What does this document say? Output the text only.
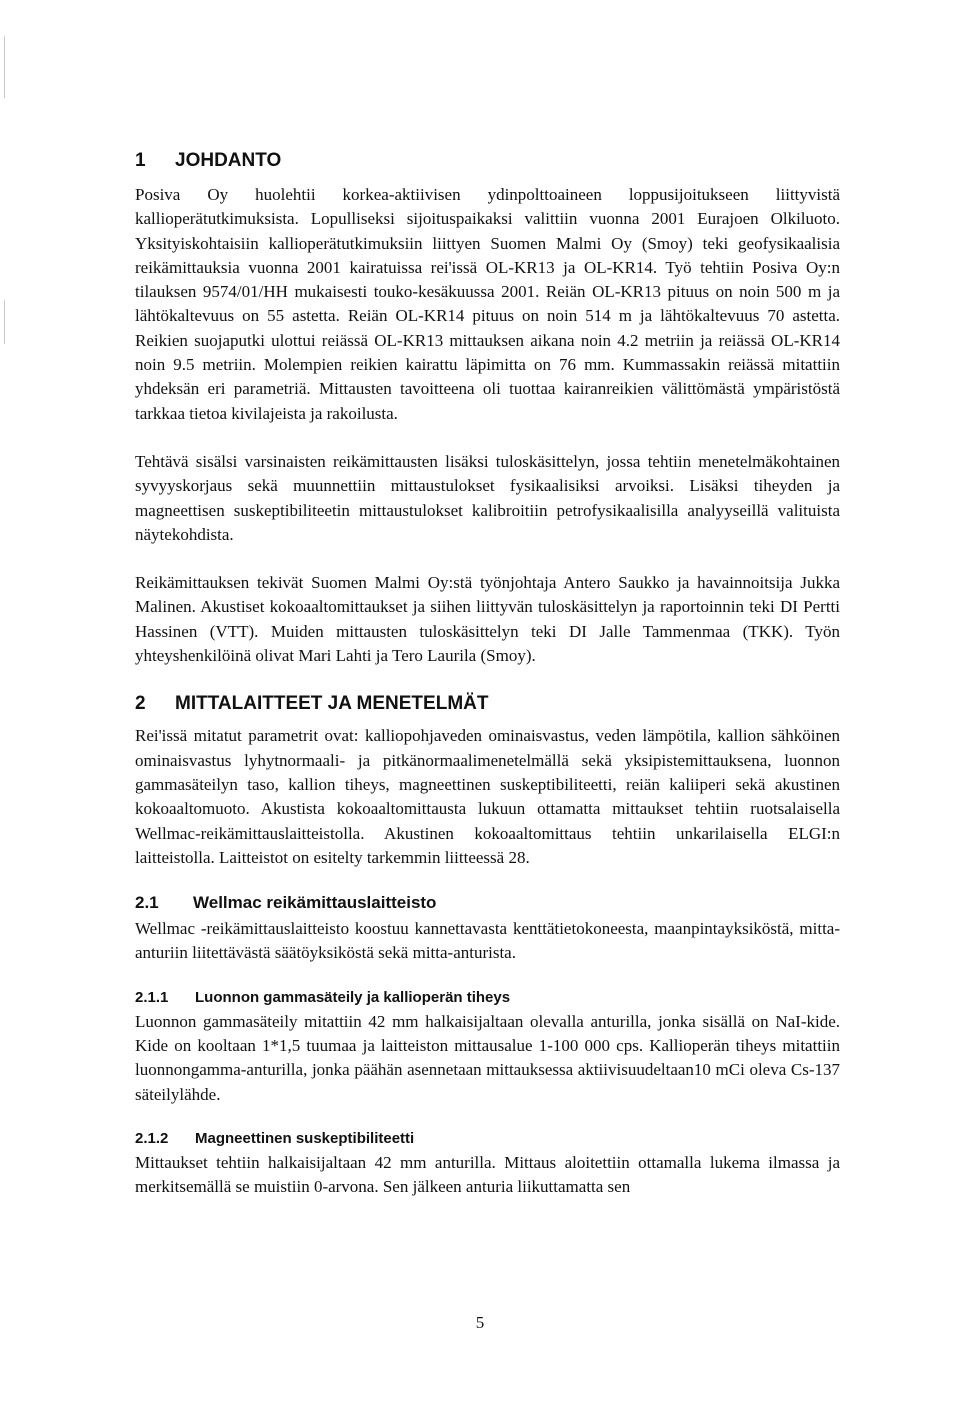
1 JOHDANTO

Posiva Oy huolehtii korkea-aktiivisen ydinpolttoaineen loppusijoitukseen liittyvistä kallioperätutkimuksista. Lopulliseksi sijoituspaikaksi valittiin vuonna 2001 Eurajoen Olkiluoto. Yksityiskohtaisiin kallioperätutkimuksiin liittyen Suomen Malmi Oy (Smoy) teki geofysikaalisia reikämittauksia vuonna 2001 kairatuissa rei'issä OL-KR13 ja OL-KR14. Työ tehtiin Posiva Oy:n tilauksen 9574/01/HH mukaisesti touko-kesäkuussa 2001. Reiän OL-KR13 pituus on noin 500 m ja lähtökaltevuus on 55 astetta. Reiän OL-KR14 pituus on noin 514 m ja lähtökaltevuus 70 astetta. Reikien suojaputki ulottui reiässä OL-KR13 mittauksen aikana noin 4.2 metriin ja reiässä OL-KR14 noin 9.5 metriin. Molempien reikien kairattu läpimitta on 76 mm. Kummassakin reiässä mitattiin yhdeksän eri parametriä. Mittausten tavoitteena oli tuottaa kairanreikien välittömästä ympäristöstä tarkkaa tietoa kivilajeista ja rakoilusta.

Tehtävä sisälsi varsinaisten reikämittausten lisäksi tuloskäsittelyn, jossa tehtiin menetelmäkohtainen syvyyskorjaus sekä muunnettiin mittaustulokset fysikaalisiksi arvoiksi. Lisäksi tiheyden ja magneettisen suskeptibiliteetin mittaustulokset kalibroitiin petrofysikaalisilla analyyseillä valituista näytekohdista.

Reikämittauksen tekivät Suomen Malmi Oy:stä työnjohtaja Antero Saukko ja havainnoitsija Jukka Malinen. Akustiset kokoaaltomittaukset ja siihen liittyvän tuloskäsittelyn ja raportoinnin teki DI Pertti Hassinen (VTT). Muiden mittausten tuloskäsittelyn teki DI Jalle Tammenmaa (TKK). Työn yhteyshenkilöinä olivat Mari Lahti ja Tero Laurila (Smoy).

2 MITTALAITTEET JA MENETELMÄT

Rei'issä mitatut parametrit ovat: kalliopohjaveden ominaisvastus, veden lämpötila, kallion sähköinen ominaisvastus lyhytnormaali- ja pitkänormaalimenetelmällä sekä yksipistemittauksena, luonnon gammasäteilyn taso, kallion tiheys, magneettinen suskeptibiliteetti, reiän kaliiperi sekä akustinen kokoaaltomuoto. Akustista kokoaaltomittausta lukuun ottamatta mittaukset tehtiin ruotsalaisella Wellmac-reikämittauslaitteistolla. Akustinen kokoaaltomittaus tehtiin unkarilaisella ELGI:n laitteistolla. Laitteistot on esitelty tarkemmin liitteessä 28.

2.1 Wellmac reikämittauslaitteisto

Wellmac -reikämittauslaitteisto koostuu kannettavasta kenttätietokoneesta, maanpintayksiköstä, mitta-anturiin liitettävästä säätöyksiköstä sekä mitta-anturista.

2.1.1 Luonnon gammasäteily ja kallioperän tiheys

Luonnon gammasäteily mitattiin 42 mm halkaisijaltaan olevalla anturilla, jonka sisällä on NaI-kide. Kide on kooltaan 1*1,5 tuumaa ja laitteiston mittausalue 1-100 000 cps. Kallioperän tiheys mitattiin luonnongamma-anturilla, jonka päähän asennetaan mittauksessa aktiivisuudeltaan10 mCi oleva Cs-137 säteilylähde.

2.1.2 Magneettinen suskeptibiliteetti

Mittaukset tehtiin halkaisijaltaan 42 mm anturilla. Mittaus aloitettiin ottamalla lukema ilmassa ja merkitsemällä se muistiin 0-arvona. Sen jälkeen anturia liikuttamatta sen

5
